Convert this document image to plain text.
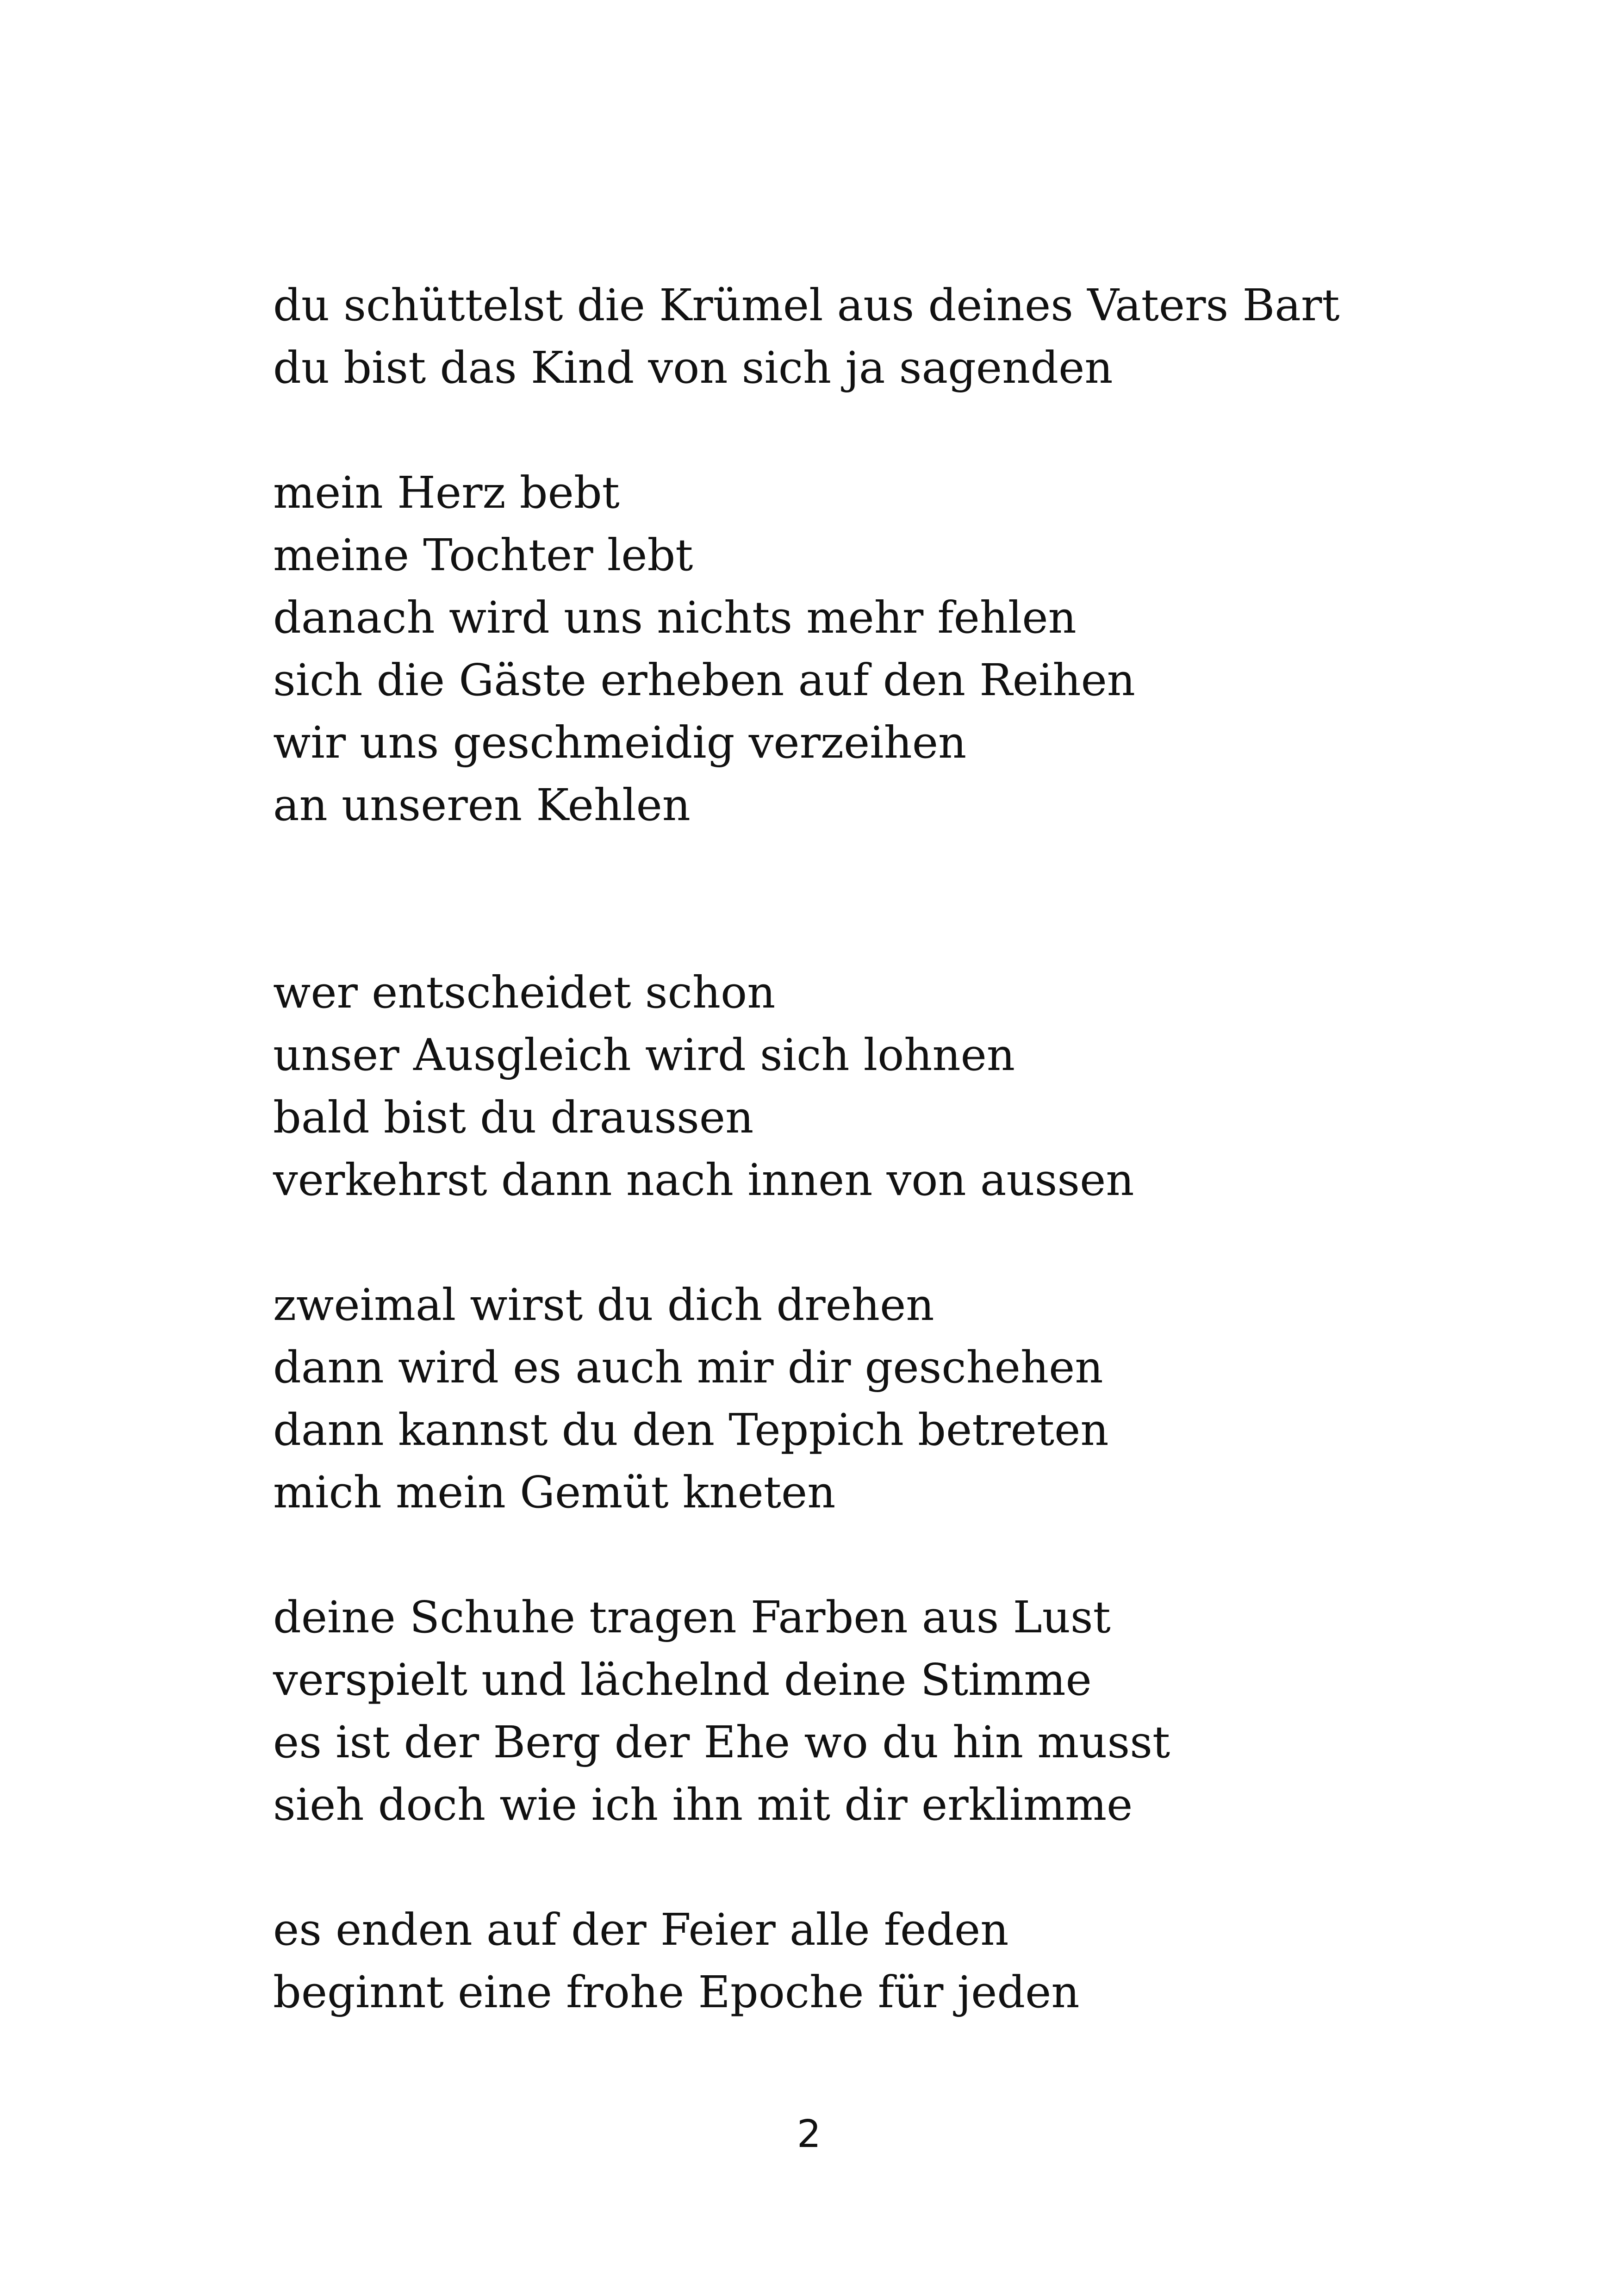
du schüttelst die Krümel aus deines Vaters Bart
du bist das Kind von sich ja sagenden
mein Herz bebt
meine Tochter lebt
danach wird uns nichts mehr fehlen
sich die Gäste erheben auf den Reihen
wir uns geschmeidig verzeihen
an unseren Kehlen
wer entscheidet schon
unser Ausgleich wird sich lohnen
bald bist du draussen
verkehrst dann nach innen von aussen
zweimal wirst du dich drehen
dann wird es auch mir dir geschehen
dann kannst du den Teppich betreten
mich mein Gemüt kneten
deine Schuhe tragen Farben aus Lust
verspielt und lächelnd deine Stimme
es ist der Berg der Ehe wo du hin musst
sieh doch wie ich ihn mit dir erklimme
es enden auf der Feier alle feden
beginnt eine frohe Epoche für jeden
2
